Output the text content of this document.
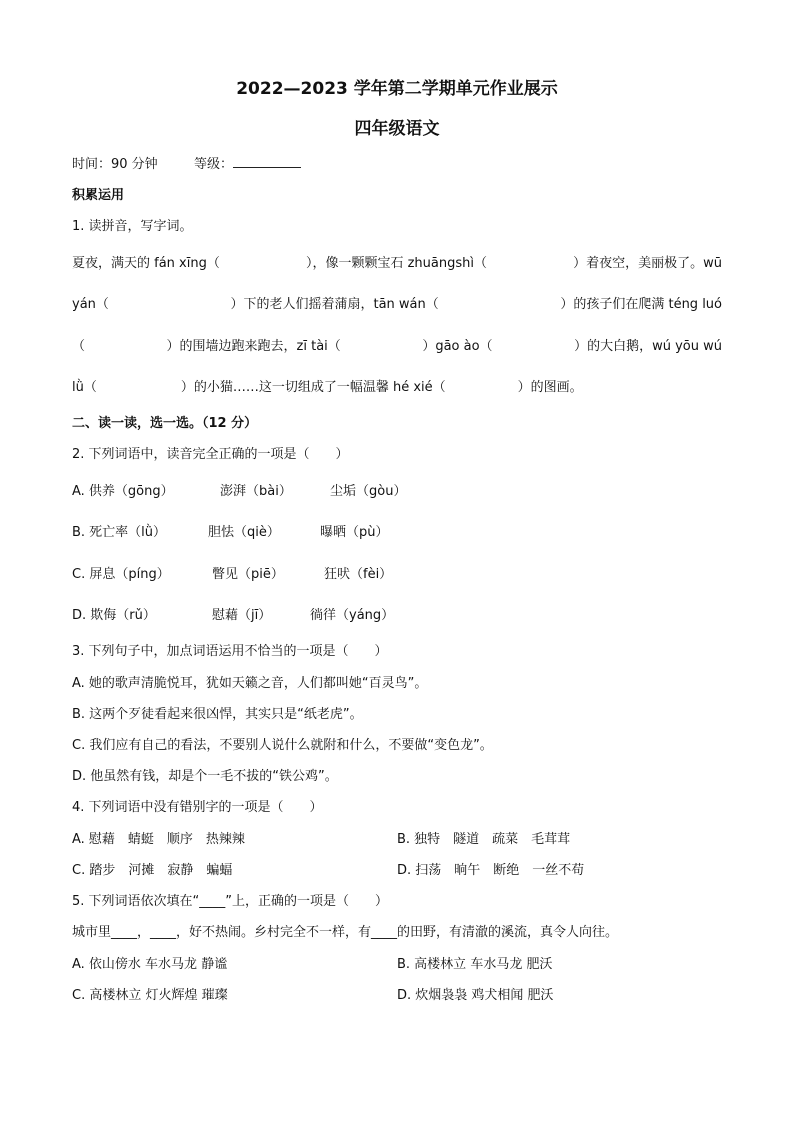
2022—2023 学年第二学期单元作业展示
四年级语文
时间：90 分钟	等级：
积累运用
1. 读拼音，写字词。
夏夜，满天的 fán xīng（	），像一颗颗宝石 zhuāngshì（	）着夜空，美丽极了。wū
yán（	）下的老人们摇着蒲扇，tān wán（	）的孩子们在爬满 téng luó
（	）的围墙边跑来跑去，zī tài（	）gāo ào（	）的大白鹅，wú yōu wú
lǜ（	）的小猫……这一切组成了一幅温馨 hé xié（	）的图画。
二、读一读，选一选。（12 分）
2. 下列词语中，读音完全正确的一项是（　　）
A. 供养（gōng）	澎湃（bài）	尘垢（gòu）
B. 死亡率（lǜ）	胆怯（qiè）	曝晒（pù）
C. 屏息（píng）	瞥见（piē）	狂吠（fèi）
D. 欺侮（rǔ）	慰藉（jī）	徜徉（yáng）
3. 下列句子中，加点词语运用不恰当的一项是（　　）
A. 她的歌声清脆悦耳，犹如天籁之音，人们都叫她“百灵鸟”。
B. 这两个歹徒看起来很凶悍，其实只是“纸老虎”。
C. 我们应有自己的看法，不要别人说什么就附和什么，不要做“变色龙”。
D. 他虽然有钱，却是个一毛不拔的“铁公鸡”。
4. 下列词语中没有错别字的一项是（　　）
A. 慰藉　蜻蜓　顺序　热辣辣	B. 独特　隧道　疏菜　毛茸茸
C. 踏步　河摊　寂静　蝙蝠	D. 扫荡　晌午　断绝　一丝不苟
5. 下列词语依次填在“____”上，正确的一项是（　　）
城市里____，____，好不热闹。乡村完全不一样，有____的田野，有清澈的溪流，真令人向往。
A. 依山傍水 车水马龙 静谧	B. 高楼林立 车水马龙 肥沃
C. 高楼林立 灯火辉煌 璀璨	D. 炊烟袅袅 鸡犬相闻 肥沃
